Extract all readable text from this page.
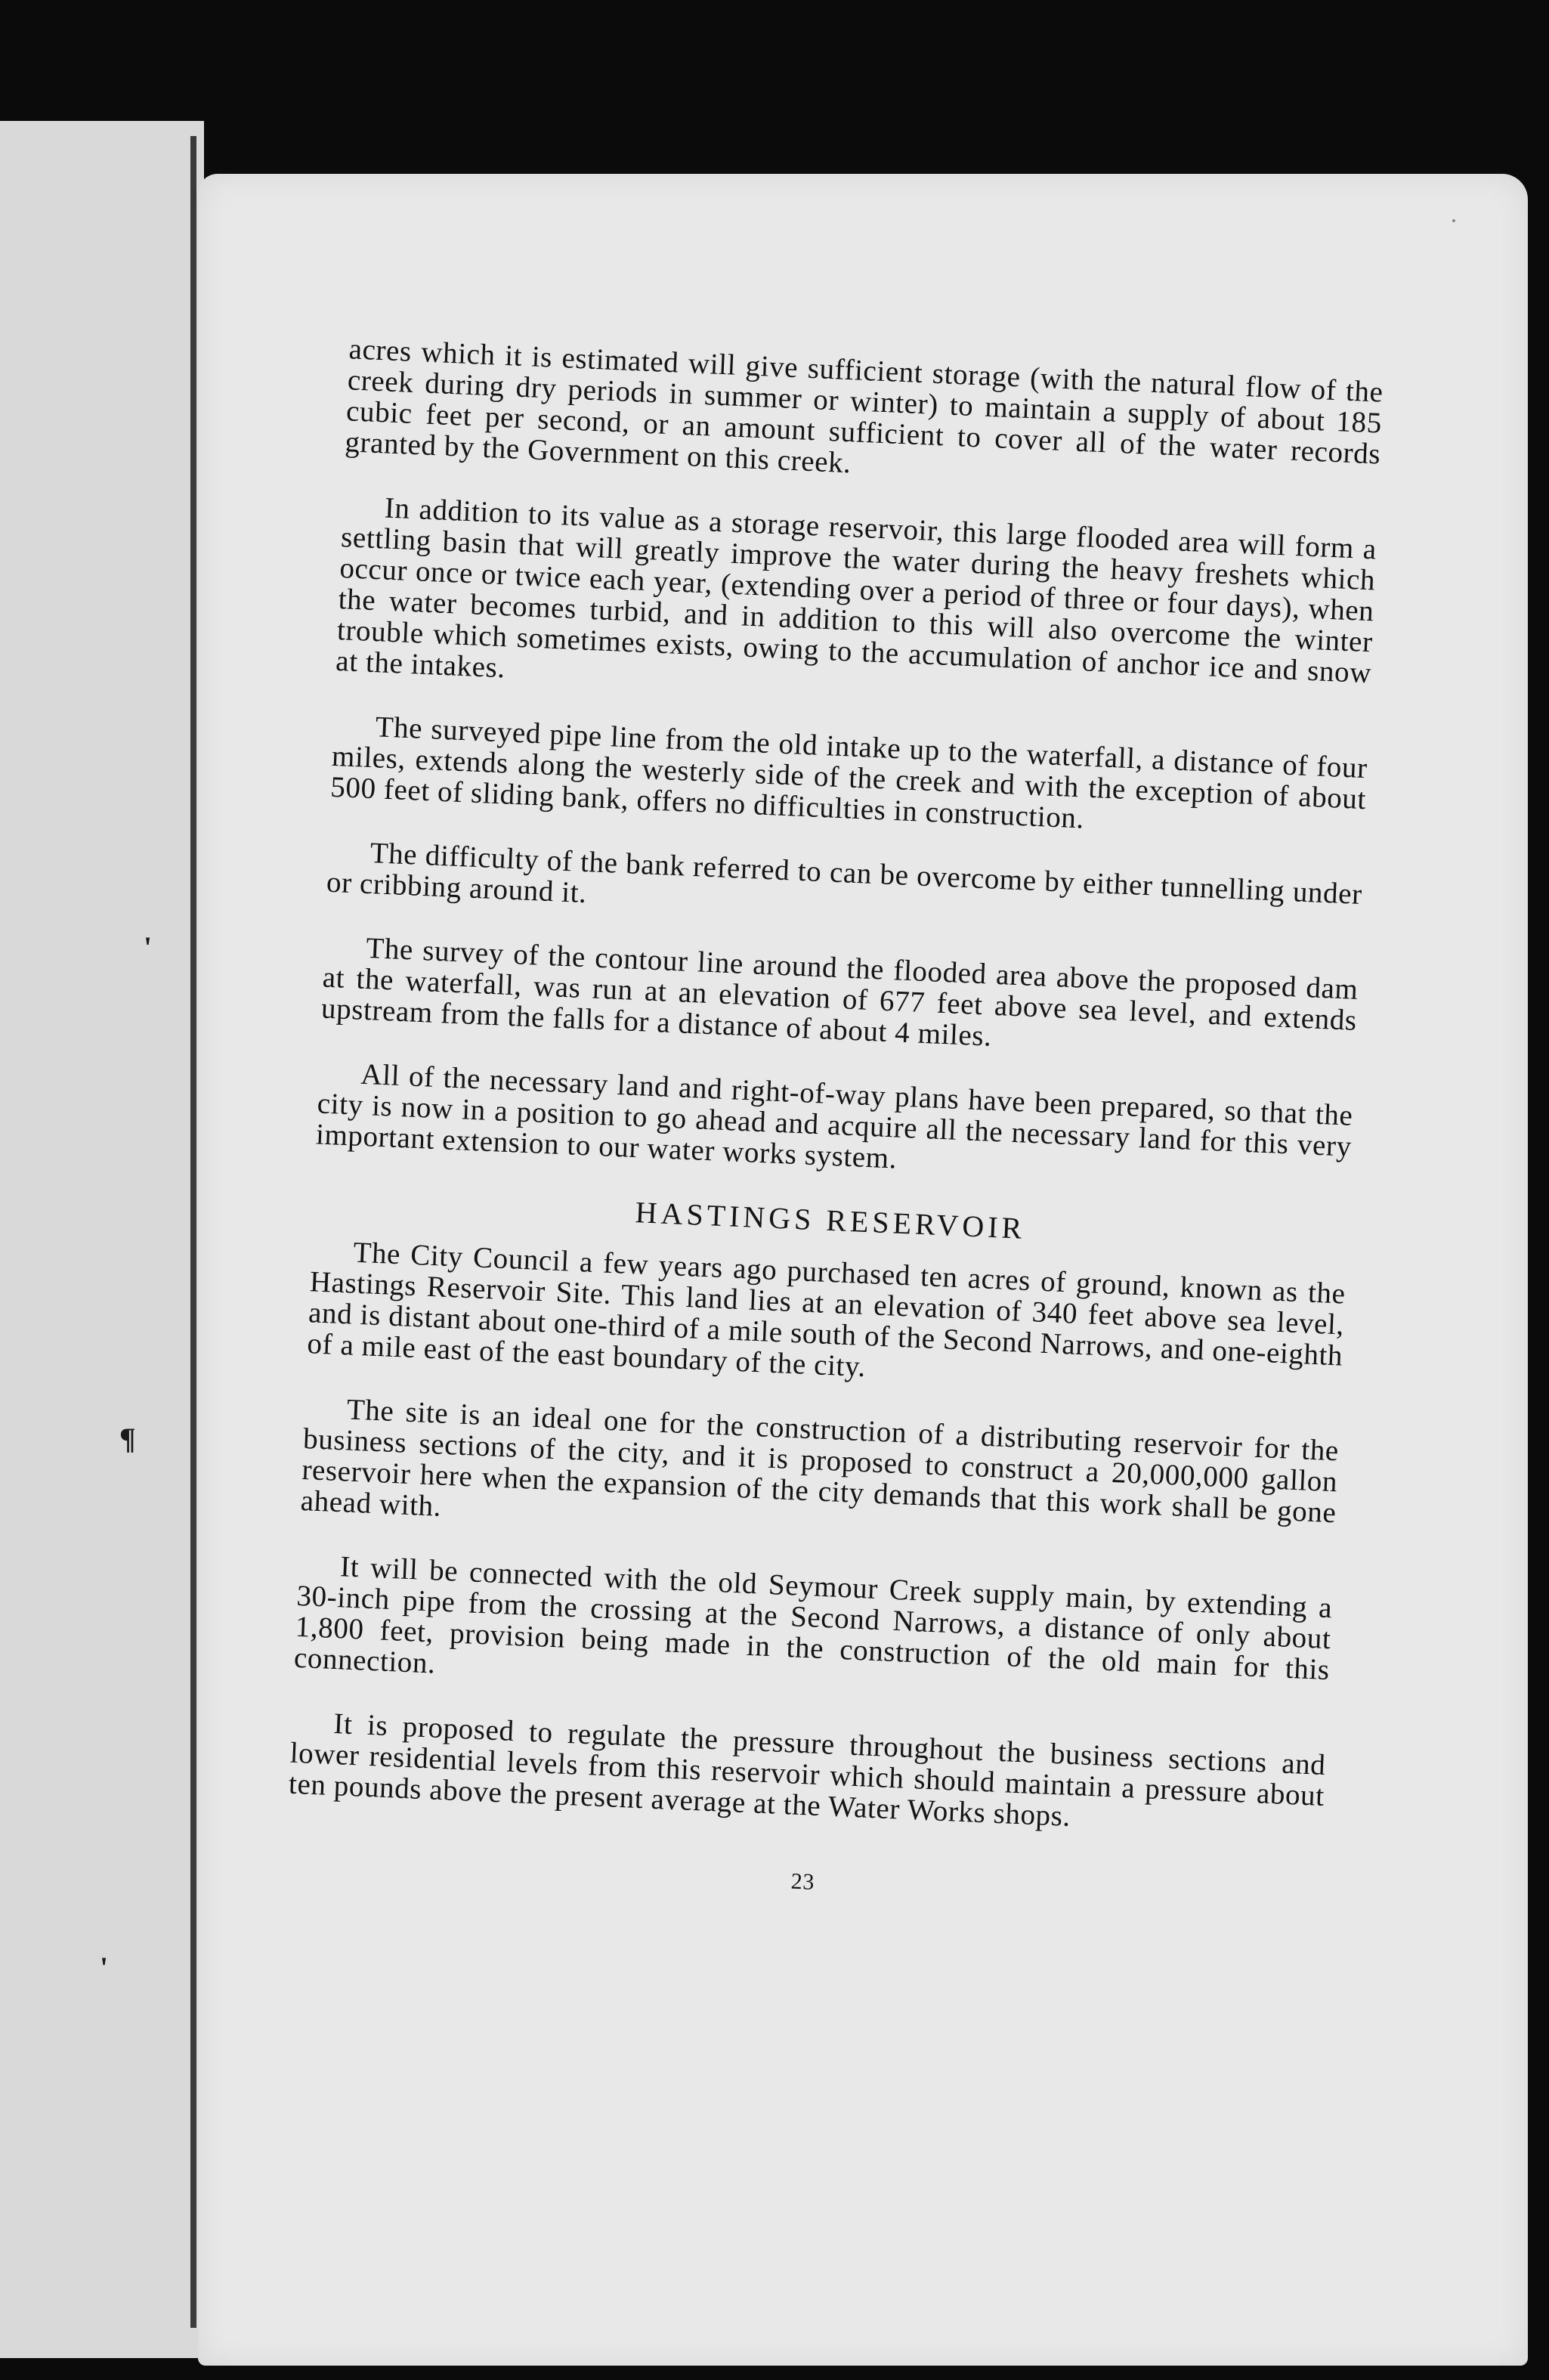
acres which it is estimated will give sufficient storage (with the natural flow of the creek during dry periods in summer or winter) to maintain a supply of about 185 cubic feet per second, or an amount sufficient to cover all of the water records granted by the Government on this creek.

In addition to its value as a storage reservoir, this large flooded area will form a settling basin that will greatly improve the water during the heavy freshets which occur once or twice each year, (extending over a period of three or four days), when the water becomes turbid, and in addition to this will also overcome the winter trouble which sometimes exists, owing to the accumulation of anchor ice and snow at the intakes.

The surveyed pipe line from the old intake up to the waterfall, a distance of four miles, extends along the westerly side of the creek and with the exception of about 500 feet of sliding bank, offers no difficulties in construction.

The difficulty of the bank referred to can be overcome by either tunnelling under or cribbing around it.

The survey of the contour line around the flooded area above the proposed dam at the waterfall, was run at an elevation of 677 feet above sea level, and extends upstream from the falls for a distance of about 4 miles.

All of the necessary land and right-of-way plans have been prepared, so that the city is now in a position to go ahead and acquire all the necessary land for this very important extension to our water works system.

HASTINGS RESERVOIR

The City Council a few years ago purchased ten acres of ground, known as the Hastings Reservoir Site. This land lies at an elevation of 340 feet above sea level, and is distant about one-third of a mile south of the Second Narrows, and one-eighth of a mile east of the east boundary of the city.

The site is an ideal one for the construction of a distributing reservoir for the business sections of the city, and it is proposed to construct a 20,000,000 gallon reservoir here when the expansion of the city demands that this work shall be gone ahead with.

It will be connected with the old Seymour Creek supply main, by extending a 30-inch pipe from the crossing at the Second Narrows, a distance of only about 1,800 feet, provision being made in the construction of the old main for this connection.

It is proposed to regulate the pressure throughout the business sections and lower residential levels from this reservoir which should maintain a pressure about ten pounds above the present average at the Water Works shops.

23
'
¶
'
